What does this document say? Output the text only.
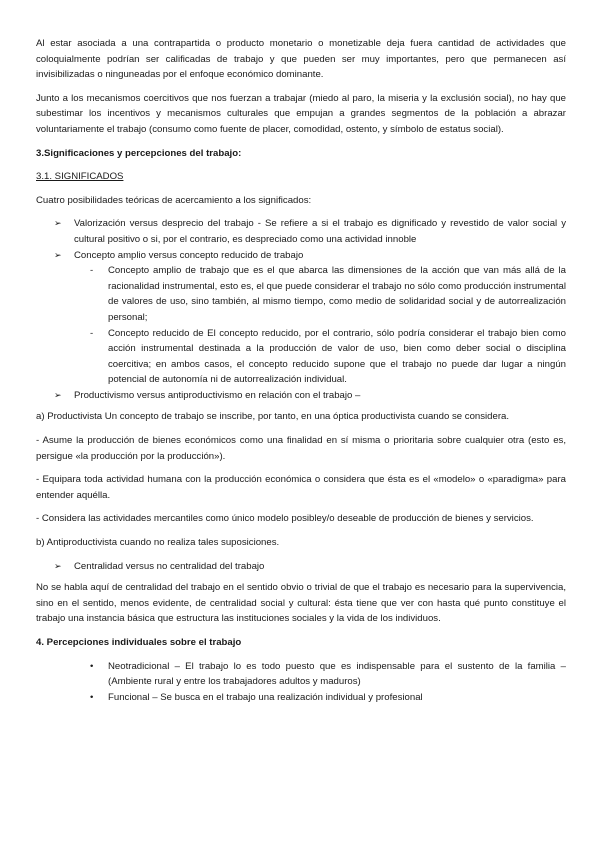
Al estar asociada a una contrapartida o producto monetario o monetizable deja fuera cantidad de actividades que coloquialmente podrían ser calificadas de trabajo y que pueden ser muy importantes, pero que permanecen así invisibilizadas o ninguneadas por el enfoque económico dominante.

Junto a los mecanismos coercitivos que nos fuerzan a trabajar (miedo al paro, la miseria y la exclusión social), no hay que subestimar los incentivos y mecanismos culturales que empujan a grandes segmentos de la población a abrazar voluntariamente el trabajo (consumo como fuente de placer, comodidad, ostento, y símbolo de estatus social).

3.Significaciones y percepciones del trabajo:
3.1. SIGNIFICADOS

Cuatro posibilidades teóricas de acercamiento a los significados:

➢ Valorización versus desprecio del trabajo - Se refiere a si el trabajo es dignificado y revestido de valor social y cultural positivo o si, por el contrario, es despreciado como una actividad innoble
➢ Concepto amplio versus concepto reducido de trabajo
- Concepto amplio de trabajo que es el que abarca las dimensiones de la acción que van más allá de la racionalidad instrumental, esto es, el que puede considerar el trabajo no sólo como producción instrumental de valores de uso, sino también, al mismo tiempo, como medio de solidaridad social y de autorrealización personal;
- Concepto reducido de El concepto reducido, por el contrario, sólo podría considerar el trabajo bien como acción instrumental destinada a la producción de valor de uso, bien como deber social o disciplina coercitiva; en ambos casos, el concepto reducido supone que el trabajo no puede dar lugar a ningún potencial de autonomía ni de autorrealización individual.
➢ Productivismo versus antiproductivismo en relación con el trabajo –

a) Productivista Un concepto de trabajo se inscribe, por tanto, en una óptica productivista cuando se considera.

- Asume la producción de bienes económicos como una finalidad en sí misma o prioritaria sobre cualquier otra (esto es, persigue «la producción por la producción»).

- Equipara toda actividad humana con la producción económica o considera que ésta es el «modelo» o «paradigma» para entender aquélla.

- Considera las actividades mercantiles como único modelo posibley/o deseable de producción de bienes y servicios.

b) Antiproductivista cuando no realiza tales suposiciones.

➢ Centralidad versus no centralidad del trabajo

No se habla aquí de centralidad del trabajo en el sentido obvio o trivial de que el trabajo es necesario para la supervivencia, sino en el sentido, menos evidente, de centralidad social y cultural: ésta tiene que ver con hasta qué punto constituye el trabajo una instancia básica que estructura las instituciones sociales y la vida de los individuos.

4. Percepciones individuales sobre el trabajo
• Neotradicional – El trabajo lo es todo puesto que es indispensable para el sustento de la familia – (Ambiente rural y entre los trabajadores adultos y maduros)
• Funcional – Se busca en el trabajo una realización individual y profesional
